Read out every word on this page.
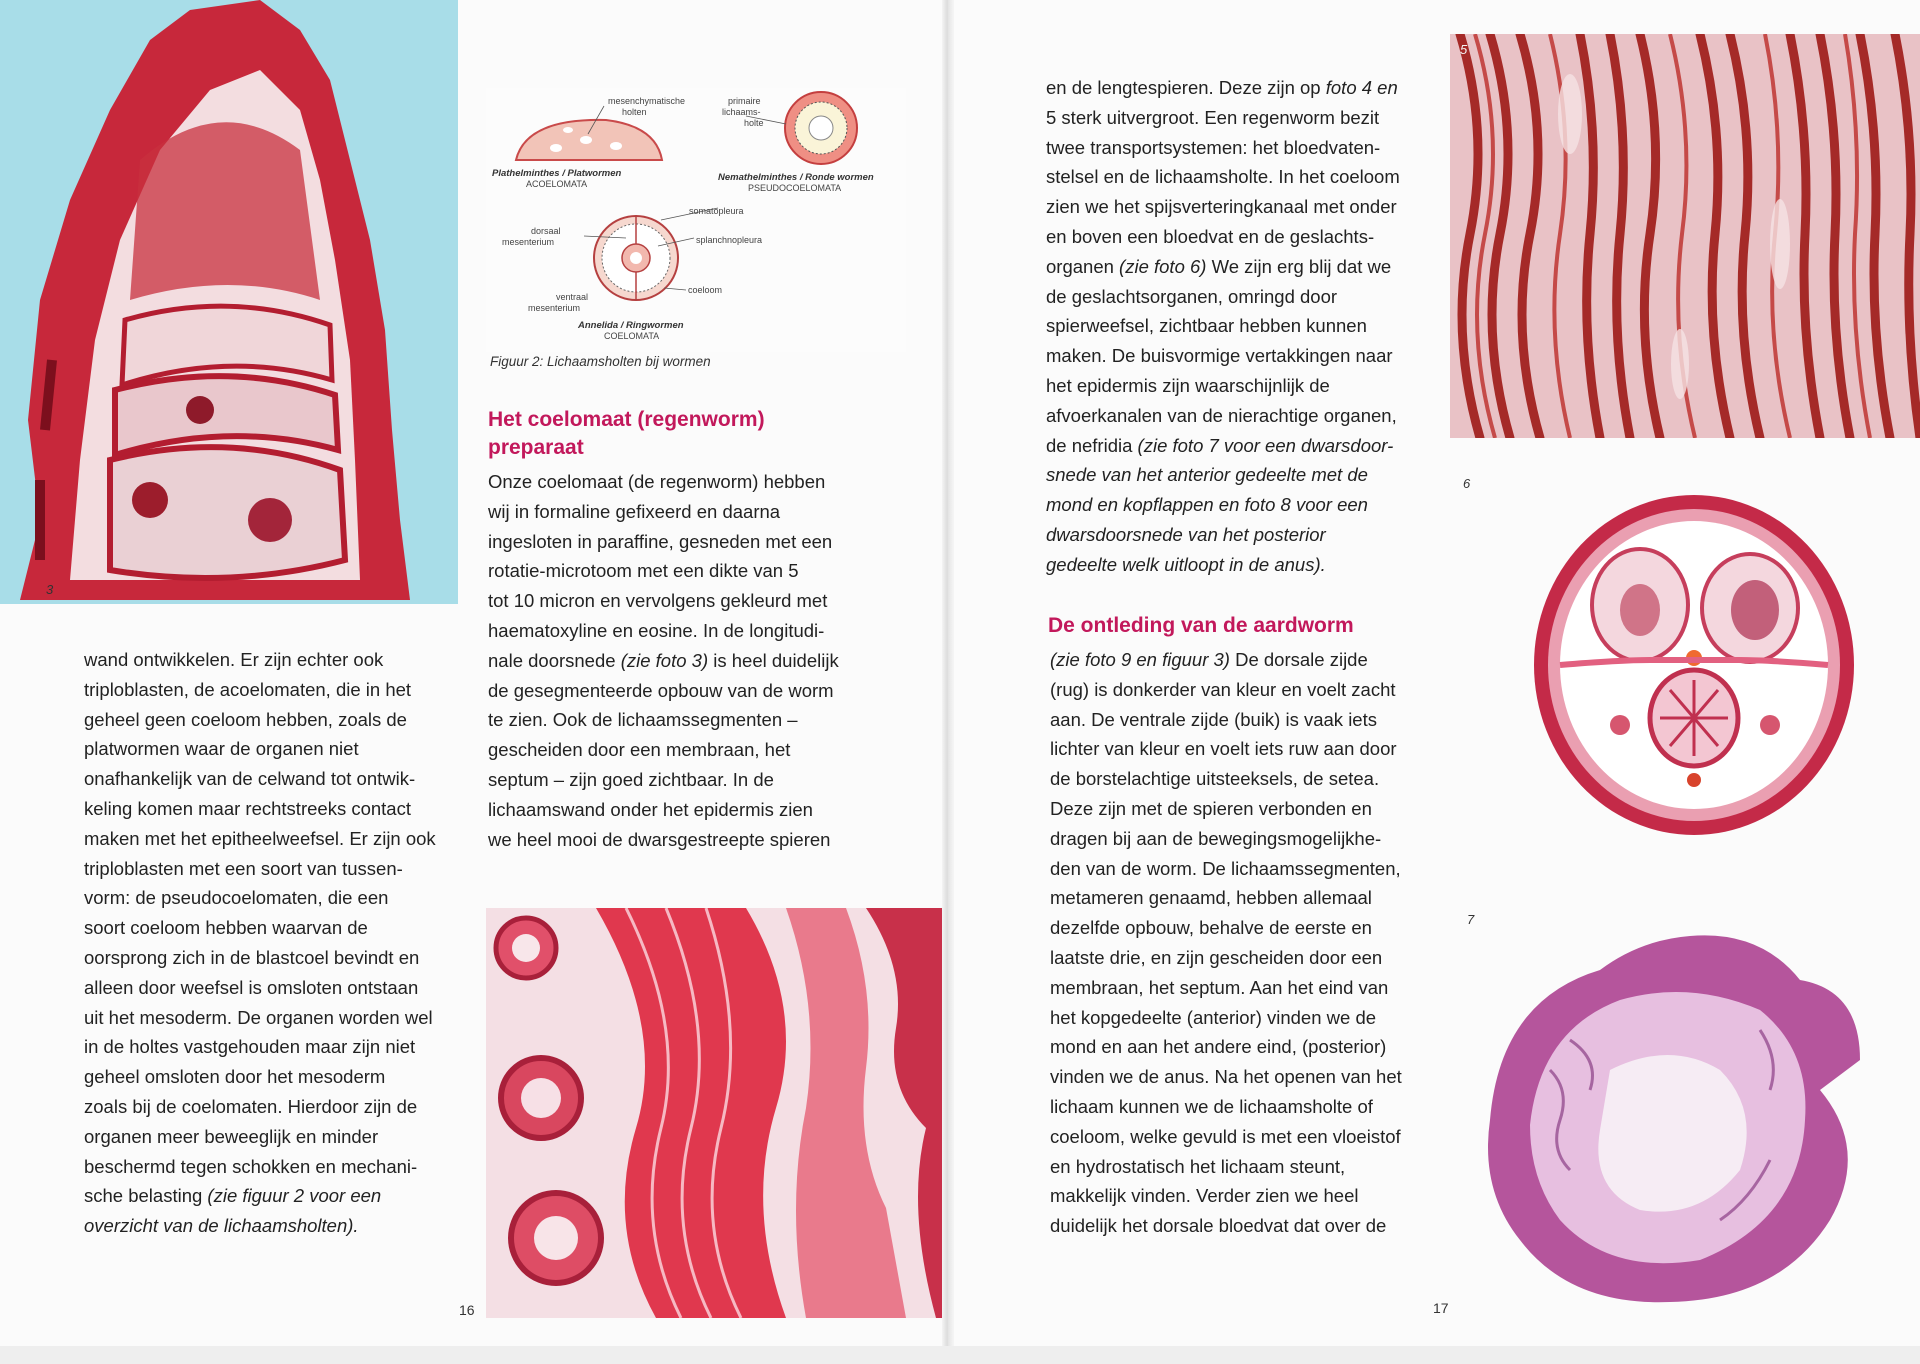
3
mesenchymatische
holten
Plathelminthes / Platwormen
ACOELOMATA
primaire
lichaams-
holte
Nemathelminthes / Ronde wormen
PSEUDOCOELOMATA
somatopleura
dorsaal
mesenterium	splanchnopleura
coeloom
ventraal
mesenterium
Annelida / Ringwormen
COELOMATA
Figuur 2: Lichaamsholten bij wormen
wand ontwikkelen. Er zijn echter ook
triploblasten, de acoelomaten, die in het
geheel geen coeloom hebben, zoals de
platwormen waar de organen niet
onafhankelijk van de celwand tot ontwik-
keling komen maar rechtstreeks contact
maken met het epitheelweefsel. Er zijn ook
triploblasten met een soort van tussen-
vorm: de pseudocoelomaten, die een
soort coeloom hebben waarvan de
oorsprong zich in de blastcoel bevindt en
alleen door weefsel is omsloten ontstaan
uit het mesoderm. De organen worden wel
in de holtes vastgehouden maar zijn niet
geheel omsloten door het mesoderm
zoals bij de coelomaten. Hierdoor zijn de
organen meer beweeglijk en minder
beschermd tegen schokken en mechani-
sche belasting (zie figuur 2 voor een
overzicht van de lichaamsholten).
Het coelomaat (regenworm)
preparaat
Onze coelomaat (de regenworm) hebben
wij in formaline gefixeerd en daarna
ingesloten in paraffine, gesneden met een
rotatie-microtoom met een dikte van 5
tot 10 micron en vervolgens gekleurd met
haematoxyline en eosine. In de longitudi-
nale doorsnede (zie foto 3) is heel duidelijk
de gesegmenteerde opbouw van de worm
te zien. Ook de lichaamssegmenten –
gescheiden door een membraan, het
septum – zijn goed zichtbaar. In de
lichaamswand onder het epidermis zien
we heel mooi de dwarsgestreepte spieren
16
en de lengtespieren. Deze zijn op foto 4 en
5 sterk uitvergroot. Een regenworm bezit
twee transportsystemen: het bloedvaten-
stelsel en de lichaamsholte. In het coeloom
zien we het spijsverteringkanaal met onder
en boven een bloedvat en de geslachts-
organen (zie foto 6) We zijn erg blij dat we
de geslachtsorganen, omringd door
spierweefsel, zichtbaar hebben kunnen
maken. De buisvormige vertakkingen naar
het epidermis zijn waarschijnlijk de
afvoerkanalen van de nierachtige organen,
de nefridia (zie foto 7 voor een dwarsdoor-
snede van het anterior gedeelte met de
mond en kopflappen en foto 8 voor een
dwarsdoorsnede van het posterior
gedeelte welk uitloopt in de anus).
De ontleding van de aardworm
(zie foto 9 en figuur 3) De dorsale zijde
(rug) is donkerder van kleur en voelt zacht
aan. De ventrale zijde (buik) is vaak iets
lichter van kleur en voelt iets ruw aan door
de borstelachtige uitsteeksels, de setea.
Deze zijn met de spieren verbonden en
dragen bij aan de bewegingsmogelijkhe-
den van de worm. De lichaamssegmenten,
metameren genaamd, hebben allemaal
dezelfde opbouw, behalve de eerste en
laatste drie, en zijn gescheiden door een
membraan, het septum. Aan het eind van
het kopgedeelte (anterior) vinden we de
mond en aan het andere eind, (posterior)
vinden we de anus. Na het openen van het
lichaam kunnen we de lichaamsholte of
coeloom, welke gevuld is met een vloeistof
en hydrostatisch het lichaam steunt,
makkelijk vinden. Verder zien we heel
duidelijk het dorsale bloedvat dat over de
5
6
7
17
